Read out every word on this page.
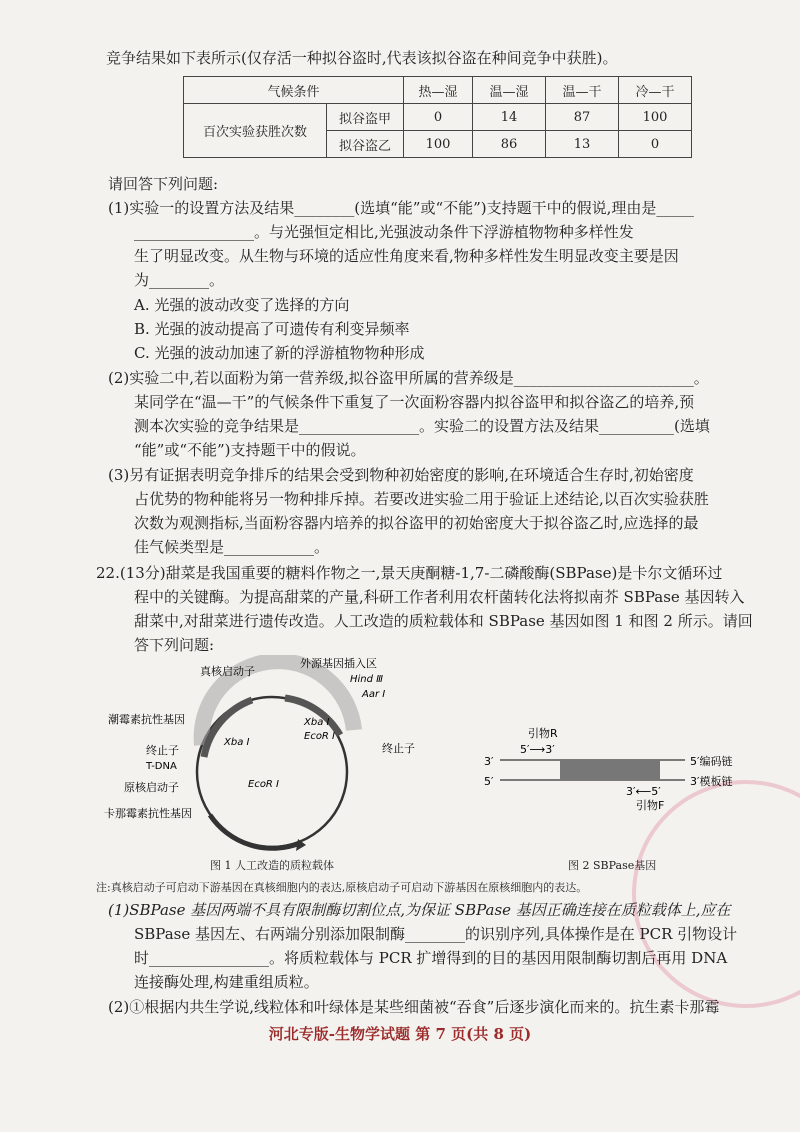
竞争结果如下表所示(仅存活一种拟谷盗时,代表该拟谷盗在种间竞争中获胜)。
气候条件		热—湿	温—湿	温—干	冷—干
百次实验获胜次数	拟谷盗甲	0	14	87	100
	拟谷盗乙	100	86	13	0
请回答下列问题:
(1)实验一的设置方法及结果________(选填“能”或“不能”)支持题干中的假说,理由是_____
________________。与光强恒定相比,光强波动条件下浮游植物物种多样性发
生了明显改变。从生物与环境的适应性角度来看,物种多样性发生明显改变主要是因
为________。
A. 光强的波动改变了选择的方向
B. 光强的波动提高了可遗传有利变异频率
C. 光强的波动加速了新的浮游植物物种形成
(2)实验二中,若以面粉为第一营养级,拟谷盗甲所属的营养级是________________________。
某同学在“温—干”的气候条件下重复了一次面粉容器内拟谷盗甲和拟谷盗乙的培养,预
测本次实验的竞争结果是________________。实验二的设置方法及结果__________(选填
“能”或“不能”)支持题干中的假说。
(3)另有证据表明竞争排斥的结果会受到物种初始密度的影响,在环境适合生存时,初始密度
占优势的物种能将另一物种排斥掉。若要改进实验二用于验证上述结论,以百次实验获胜
次数为观测指标,当面粉容器内培养的拟谷盗甲的初始密度大于拟谷盗乙时,应选择的最
佳气候类型是____________。
22.(13分)甜菜是我国重要的糖料作物之一,景天庚酮糖-1,7-二磷酸酶(SBPase)是卡尔文循环过
程中的关键酶。为提高甜菜的产量,科研工作者利用农杆菌转化法将拟南芥 SBPase 基因转入
甜菜中,对甜菜进行遗传改造。人工改造的质粒载体和 SBPase 基因如图 1 和图 2 所示。请回
答下列问题:
真核启动子
外源基因插入区
Hind Ⅲ
Aar Ⅰ
潮霉素抗性基因
Xba Ⅰ
Xba Ⅰ
EcoR Ⅰ
终止子	终止子
T-DNA
原核启动子	EcoR Ⅰ
卡那霉素抗性基因
图 1 人工改造的质粒载体
引物R
5′⟶3′
3′
5′
5′编码链
3′模板链
3′⟵5′
引物F
图 2 SBPase基因
注:真核启动子可启动下游基因在真核细胞内的表达,原核启动子可启动下游基因在原核细胞内的表达。
(1)SBPase 基因两端不具有限制酶切割位点,为保证 SBPase 基因正确连接在质粒载体上,应在
SBPase 基因左、右两端分别添加限制酶________的识别序列,具体操作是在 PCR 引物设计
时________________。将质粒载体与 PCR 扩增得到的目的基因用限制酶切割后再用 DNA
连接酶处理,构建重组质粒。
(2)①根据内共生学说,线粒体和叶绿体是某些细菌被“吞食”后逐步演化而来的。抗生素卡那霉
河北专版-生物学试题 第 7 页(共 8 页)
